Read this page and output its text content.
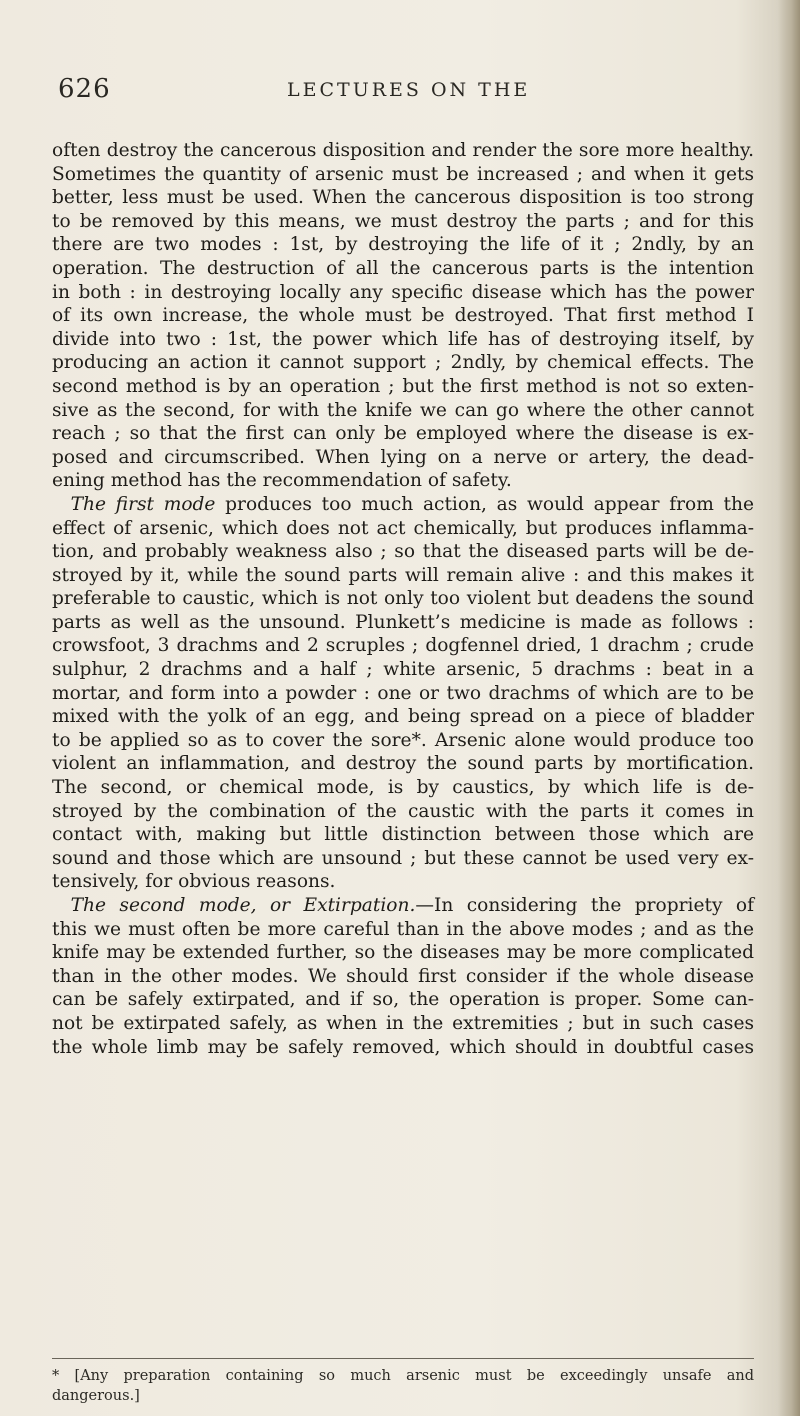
626	LECTURES ON THE
often destroy the cancerous disposition and render the sore more healthy.
Sometimes the quantity of arsenic must be increased ; and when it gets
better, less must be used. When the cancerous disposition is too strong
to be removed by this means, we must destroy the parts ; and for this
there are two modes : 1st, by destroying the life of it ; 2ndly, by an
operation. The destruction of all the cancerous parts is the intention
in both : in destroying locally any specific disease which has the power
of its own increase, the whole must be destroyed. That first method I
divide into two : 1st, the power which life has of destroying itself, by
producing an action it cannot support ; 2ndly, by chemical effects. The
second method is by an operation ; but the first method is not so exten-
sive as the second, for with the knife we can go where the other cannot
reach ; so that the first can only be employed where the disease is ex-
posed and circumscribed. When lying on a nerve or artery, the dead-
ening method has the recommendation of safety.
 The first mode produces too much action, as would appear from the
effect of arsenic, which does not act chemically, but produces inflamma-
tion, and probably weakness also ; so that the diseased parts will be de-
stroyed by it, while the sound parts will remain alive : and this makes it
preferable to caustic, which is not only too violent but deadens the sound
parts as well as the unsound. Plunkett’s medicine is made as follows :
crowsfoot, 3 drachms and 2 scruples ; dogfennel dried, 1 drachm ; crude
sulphur, 2 drachms and a half ; white arsenic, 5 drachms : beat in a
mortar, and form into a powder : one or two drachms of which are to be
mixed with the yolk of an egg, and being spread on a piece of bladder
to be applied so as to cover the sore*. Arsenic alone would produce too
violent an inflammation, and destroy the sound parts by mortification.
The second, or chemical mode, is by caustics, by which life is de-
stroyed by the combination of the caustic with the parts it comes in
contact with, making but little distinction between those which are
sound and those which are unsound ; but these cannot be used very ex-
tensively, for obvious reasons.
 The second mode, or Extirpation.—In considering the propriety of
this we must often be more careful than in the above modes ; and as the
knife may be extended further, so the diseases may be more complicated
than in the other modes. We should first consider if the whole disease
can be safely extirpated, and if so, the operation is proper. Some can-
not be extirpated safely, as when in the extremities ; but in such cases
the whole limb may be safely removed, which should in doubtful cases
* [Any preparation containing so much arsenic must be exceedingly unsafe and
dangerous.]
